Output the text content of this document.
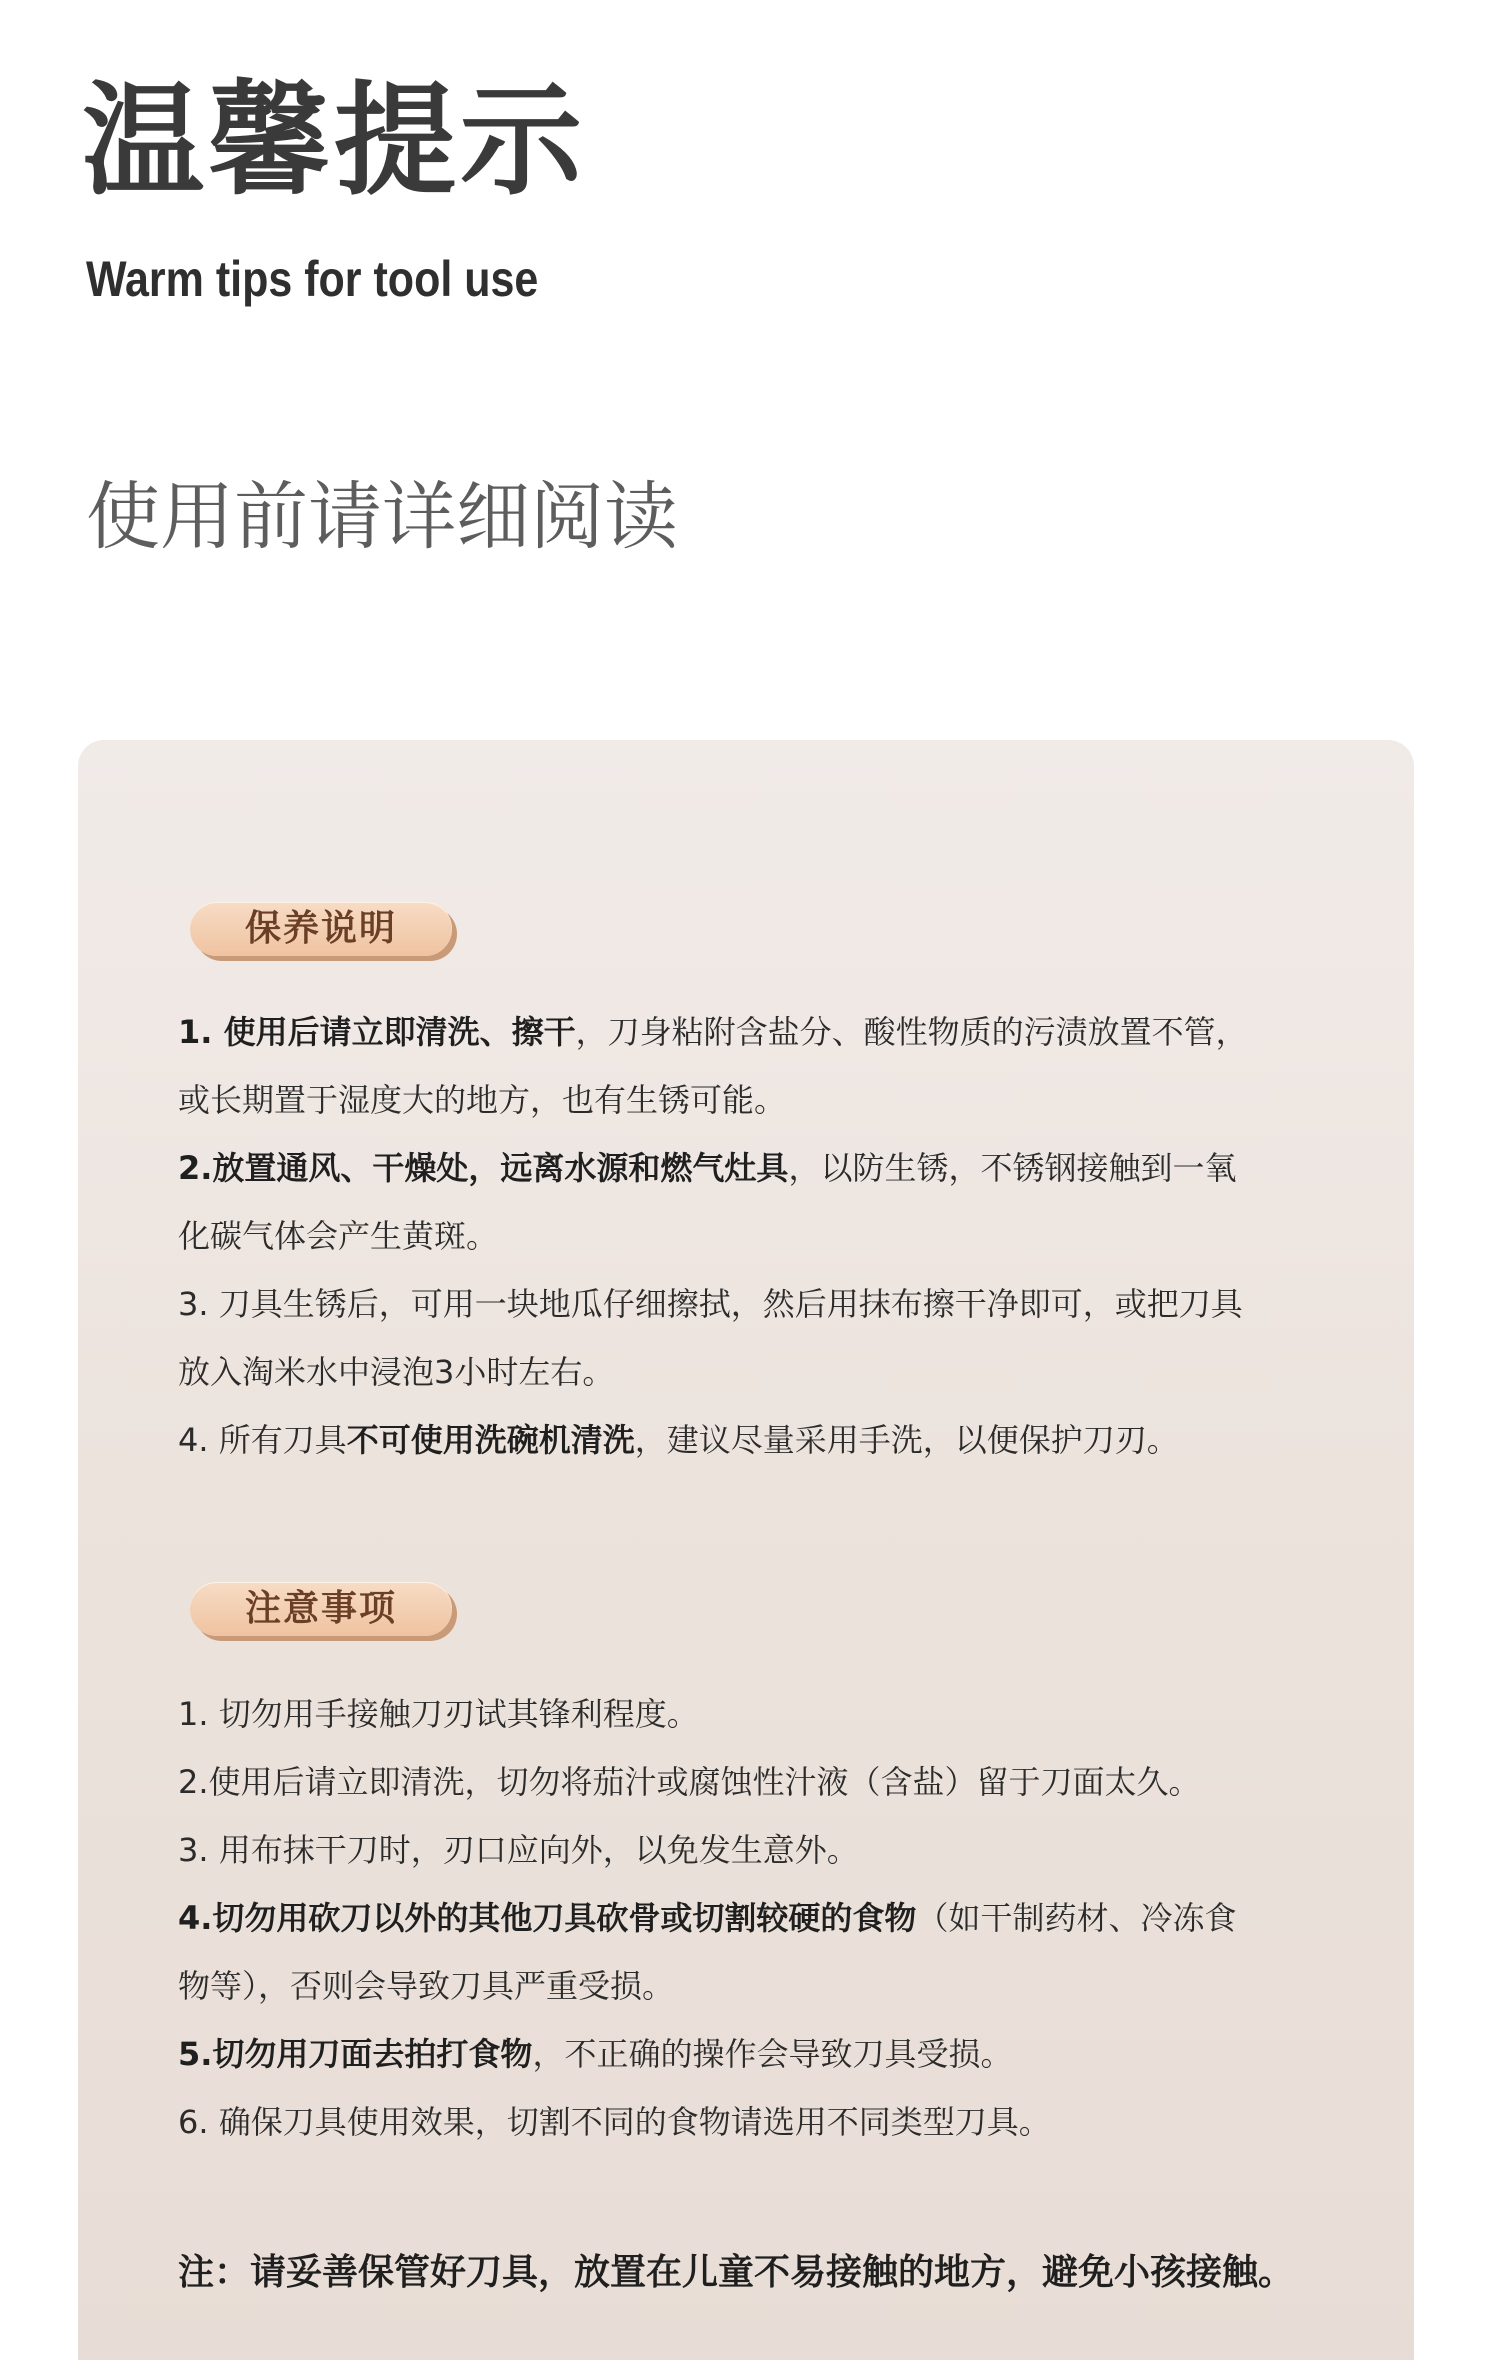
温馨提示
Warm tips for tool use
使用前请详细阅读
保养说明
1. 使用后请立即清洗、擦干，刀身粘附含盐分、酸性物质的污渍放置不管，
或长期置于湿度大的地方，也有生锈可能。
2.放置通风、干燥处，远离水源和燃气灶具，以防生锈，不锈钢接触到一氧
化碳气体会产生黄斑。
3. 刀具生锈后，可用一块地瓜仔细擦拭，然后用抹布擦干净即可，或把刀具
放入淘米水中浸泡3小时左右。
4. 所有刀具不可使用洗碗机清洗，建议尽量采用手洗，以便保护刀刃。
注意事项
1. 切勿用手接触刀刃试其锋利程度。
2.使用后请立即清洗，切勿将茄汁或腐蚀性汁液（含盐）留于刀面太久。
3. 用布抹干刀时，刃口应向外，以免发生意外。
4.切勿用砍刀以外的其他刀具砍骨或切割较硬的食物（如干制药材、冷冻食
物等），否则会导致刀具严重受损。
5.切勿用刀面去拍打食物，不正确的操作会导致刀具受损。
6. 确保刀具使用效果，切割不同的食物请选用不同类型刀具。
注：请妥善保管好刀具，放置在儿童不易接触的地方，避免小孩接触。
